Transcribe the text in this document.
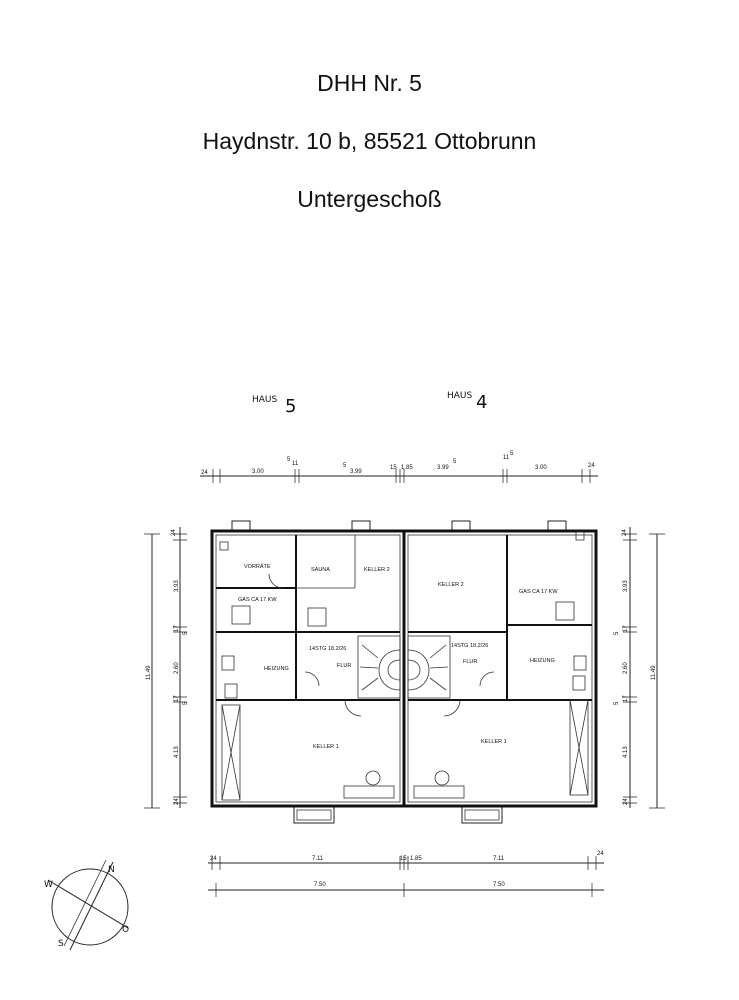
DHH Nr. 5
Haydnstr. 10 b, 85521 Ottobrunn
Untergeschoß
HAUS 5	HAUS 4
24	3.00
5
11	5
3.99
15 1.85	3.99
5
11
5
3.00	24
24
3.93
17
5
2.60
17
5
4.13
24
11.49
24
3.93
17
5
2.60
17
5
4.13
24
11.49
VORRÄTE	SAUNA	KELLER 2
KELLER 2
GAS CA 17 KW
GAS CA 17 KW
HEIZUNG
HEIZUNG
FLUR
FLUR
14STG 18.2/26	14STG 18.2/26
KELLER 1
KELLER 1
24	7.11	15 1.85	7.11
24
7.50	7.50
N
W
S
O
